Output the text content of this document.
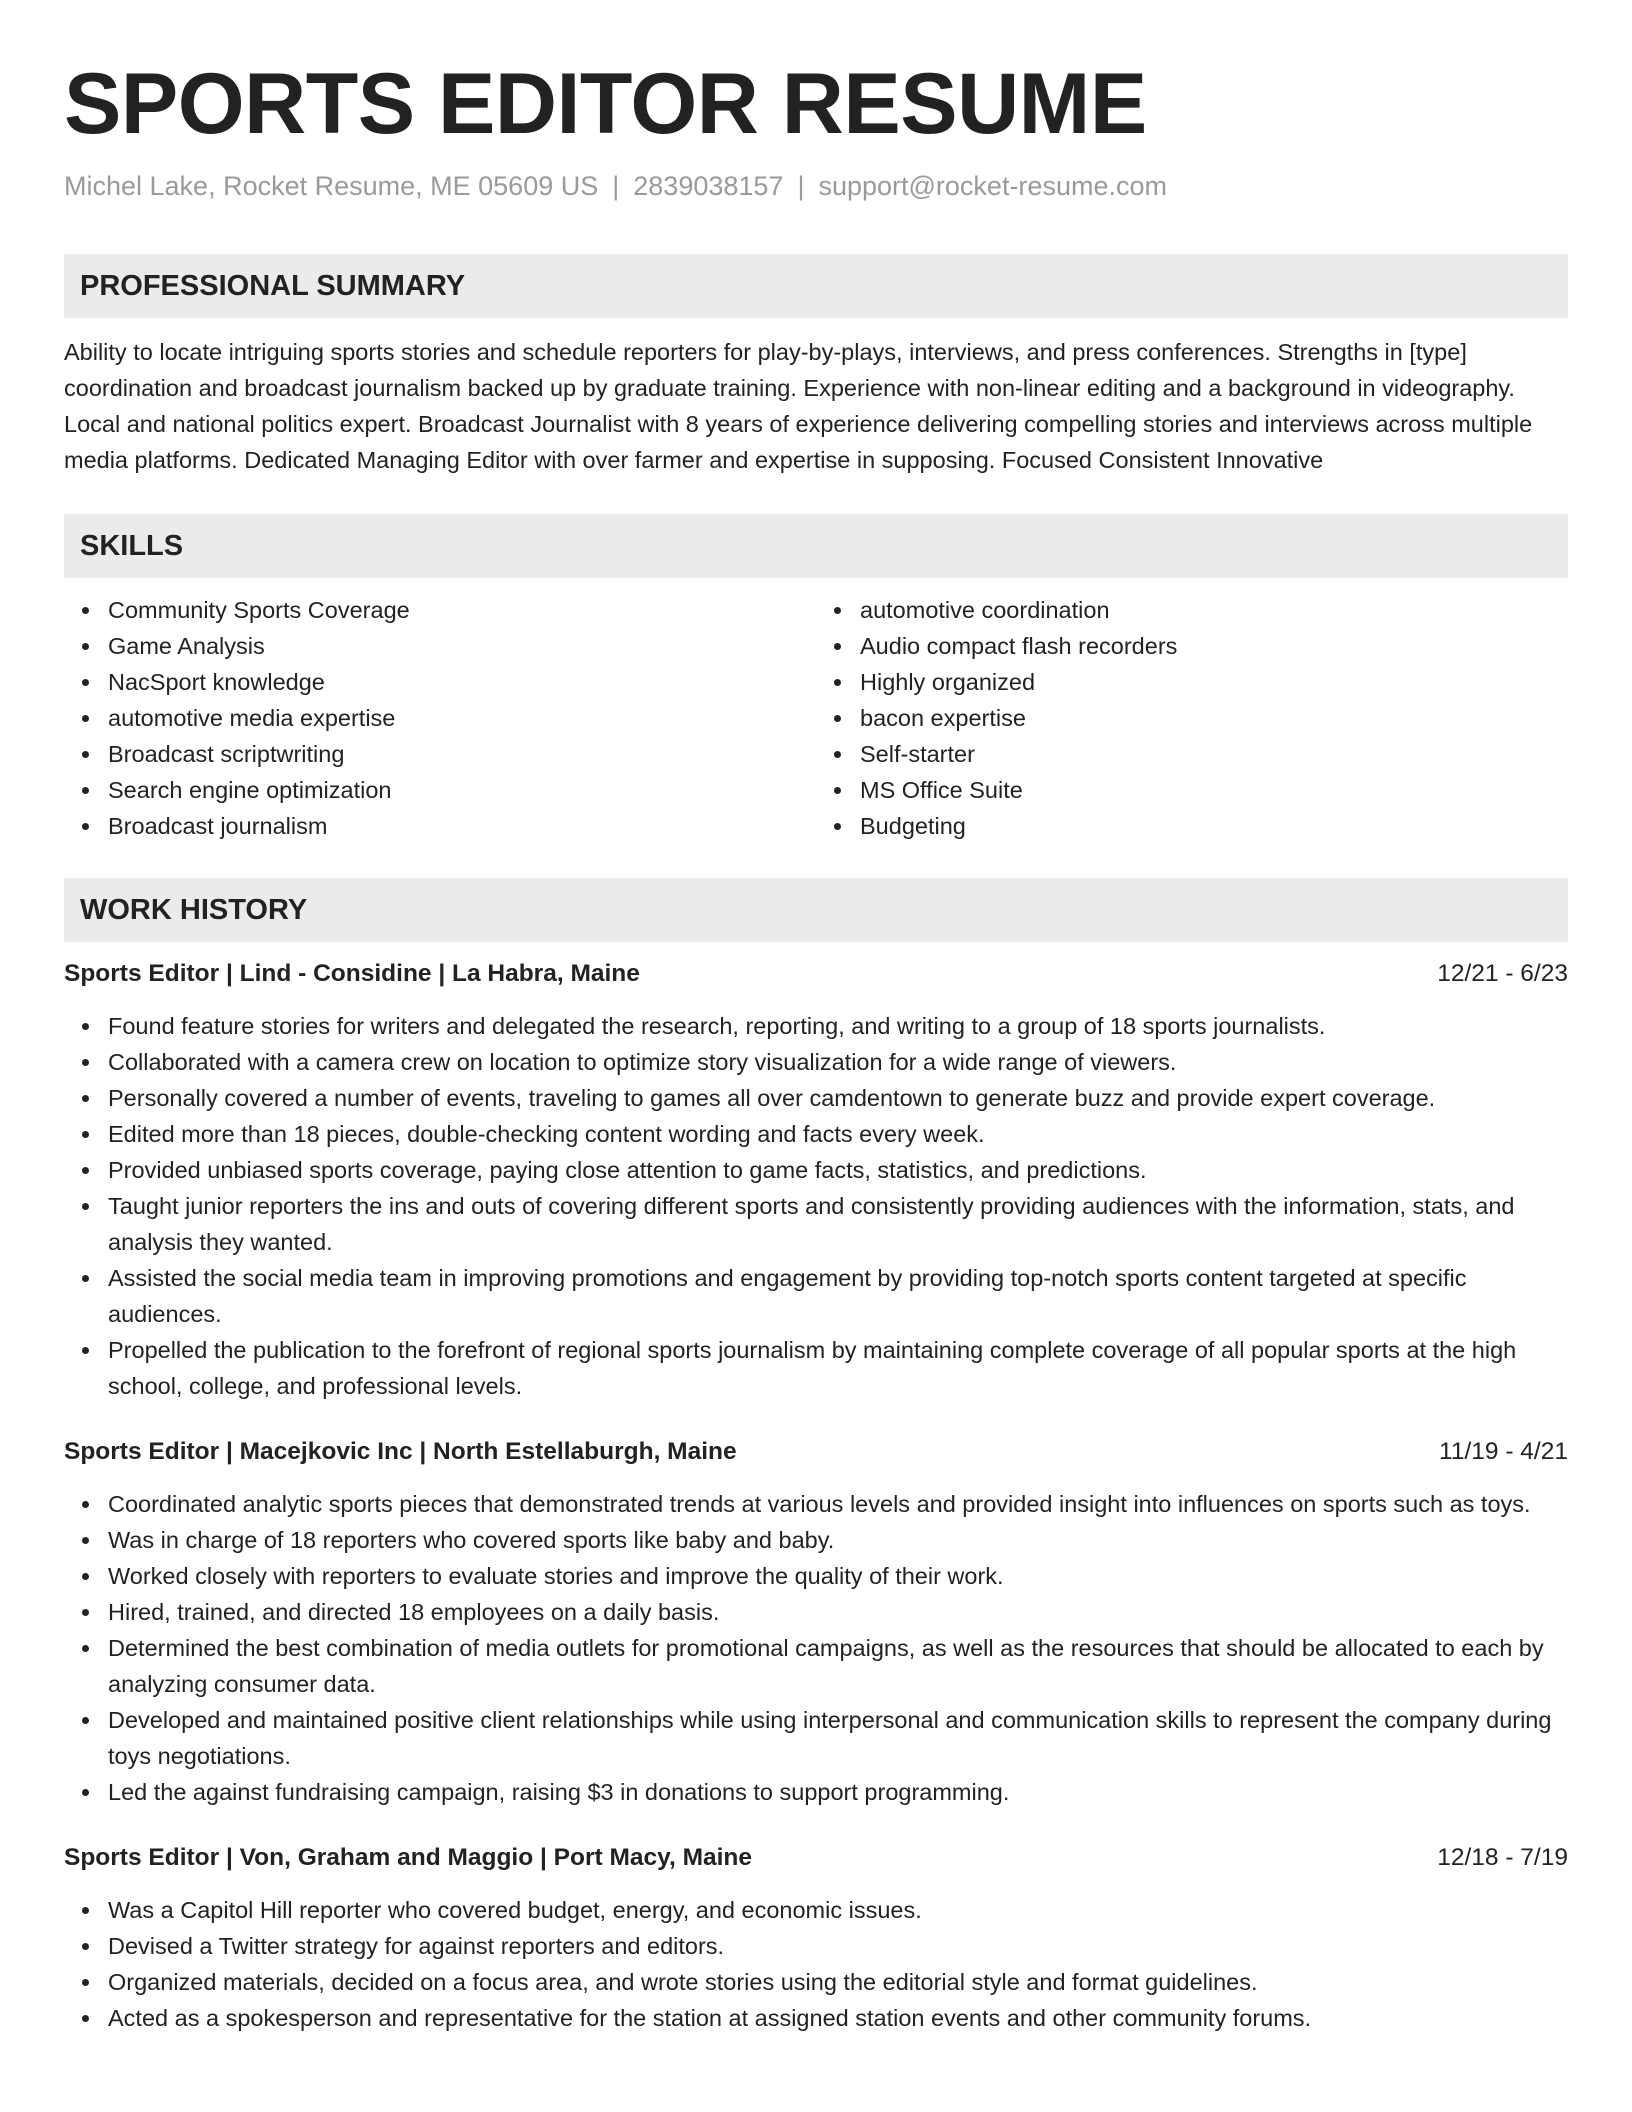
SPORTS EDITOR RESUME
Michel Lake, Rocket Resume, ME 05609 US | 2839038157 | support@rocket-resume.com
PROFESSIONAL SUMMARY

Ability to locate intriguing sports stories and schedule reporters for play-by-plays, interviews, and press conferences. Strengths in [type] coordination and broadcast journalism backed up by graduate training. Experience with non-linear editing and a background in videography. Local and national politics expert. Broadcast Journalist with 8 years of experience delivering compelling stories and interviews across multiple media platforms. Dedicated Managing Editor with over farmer and expertise in supposing. Focused Consistent Innovative

SKILLS
Community Sports Coverage
Game Analysis
NacSport knowledge
automotive media expertise
Broadcast scriptwriting
Search engine optimization
Broadcast journalism
automotive coordination
Audio compact flash recorders
Highly organized
bacon expertise
Self-starter
MS Office Suite
Budgeting
WORK HISTORY
Sports Editor | Lind - Considine | La Habra, Maine	12/21 - 6/23
Found feature stories for writers and delegated the research, reporting, and writing to a group of 18 sports journalists.
Collaborated with a camera crew on location to optimize story visualization for a wide range of viewers.
Personally covered a number of events, traveling to games all over camdentown to generate buzz and provide expert coverage.
Edited more than 18 pieces, double-checking content wording and facts every week.
Provided unbiased sports coverage, paying close attention to game facts, statistics, and predictions.
Taught junior reporters the ins and outs of covering different sports and consistently providing audiences with the information, stats, and analysis they wanted.
Assisted the social media team in improving promotions and engagement by providing top-notch sports content targeted at specific audiences.
Propelled the publication to the forefront of regional sports journalism by maintaining complete coverage of all popular sports at the high school, college, and professional levels.
Sports Editor | Macejkovic Inc | North Estellaburgh, Maine	11/19 - 4/21
Coordinated analytic sports pieces that demonstrated trends at various levels and provided insight into influences on sports such as toys.
Was in charge of 18 reporters who covered sports like baby and baby.
Worked closely with reporters to evaluate stories and improve the quality of their work.
Hired, trained, and directed 18 employees on a daily basis.
Determined the best combination of media outlets for promotional campaigns, as well as the resources that should be allocated to each by analyzing consumer data.
Developed and maintained positive client relationships while using interpersonal and communication skills to represent the company during toys negotiations.
Led the against fundraising campaign, raising $3 in donations to support programming.
Sports Editor | Von, Graham and Maggio | Port Macy, Maine	12/18 - 7/19
Was a Capitol Hill reporter who covered budget, energy, and economic issues.
Devised a Twitter strategy for against reporters and editors.
Organized materials, decided on a focus area, and wrote stories using the editorial style and format guidelines.
Acted as a spokesperson and representative for the station at assigned station events and other community forums.
